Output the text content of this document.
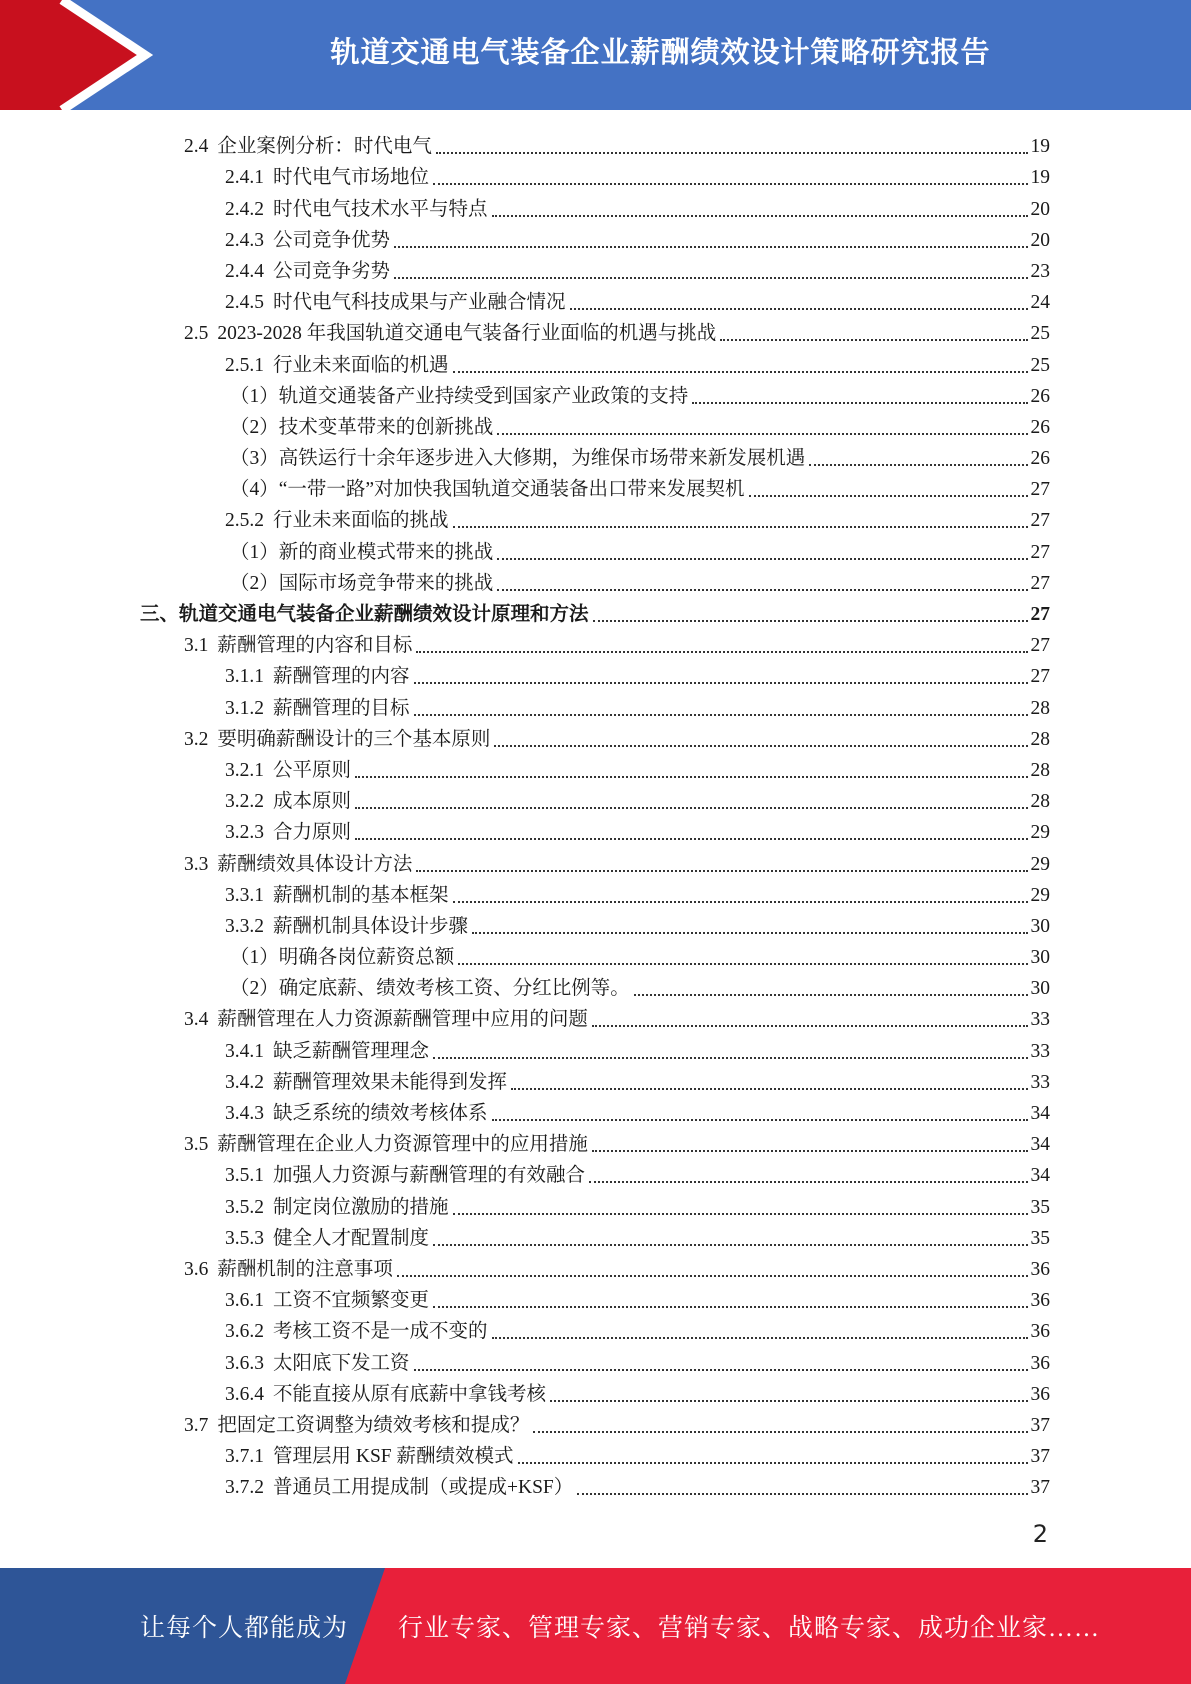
轨道交通电气装备企业薪酬绩效设计策略研究报告
2.4 企业案例分析：时代电气	19
2.4.1 时代电气市场地位	19
2.4.2 时代电气技术水平与特点	20
2.4.3 公司竞争优势	20
2.4.4 公司竞争劣势	23
2.4.5 时代电气科技成果与产业融合情况	24
2.5 2023-2028 年我国轨道交通电气装备行业面临的机遇与挑战	25
2.5.1 行业未来面临的机遇	25
（1）轨道交通装备产业持续受到国家产业政策的支持	26
（2）技术变革带来的创新挑战	26
（3）高铁运行十余年逐步进入大修期，为维保市场带来新发展机遇	26
（4）“一带一路”对加快我国轨道交通装备出口带来发展契机	27
2.5.2 行业未来面临的挑战	27
（1）新的商业模式带来的挑战	27
（2）国际市场竞争带来的挑战	27
三、轨道交通电气装备企业薪酬绩效设计原理和方法	27
3.1 薪酬管理的内容和目标	27
3.1.1 薪酬管理的内容	27
3.1.2 薪酬管理的目标	28
3.2 要明确薪酬设计的三个基本原则	28
3.2.1 公平原则	28
3.2.2 成本原则	28
3.2.3 合力原则	29
3.3 薪酬绩效具体设计方法	29
3.3.1 薪酬机制的基本框架	29
3.3.2 薪酬机制具体设计步骤	30
（1）明确各岗位薪资总额	30
（2）确定底薪、绩效考核工资、分红比例等。	30
3.4 薪酬管理在人力资源薪酬管理中应用的问题	33
3.4.1 缺乏薪酬管理理念	33
3.4.2 薪酬管理效果未能得到发挥	33
3.4.3 缺乏系统的绩效考核体系	34
3.5 薪酬管理在企业人力资源管理中的应用措施	34
3.5.1 加强人力资源与薪酬管理的有效融合	34
3.5.2 制定岗位激励的措施	35
3.5.3 健全人才配置制度	35
3.6 薪酬机制的注意事项	36
3.6.1 工资不宜频繁变更	36
3.6.2 考核工资不是一成不变的	36
3.6.3 太阳底下发工资	36
3.6.4 不能直接从原有底薪中拿钱考核	36
3.7 把固定工资调整为绩效考核和提成？	37
3.7.1 管理层用 KSF 薪酬绩效模式	37
3.7.2 普通员工用提成制（或提成+KSF）	37
2
让每个人都能成为 行业专家、管理专家、营销专家、战略专家、成功企业家……
